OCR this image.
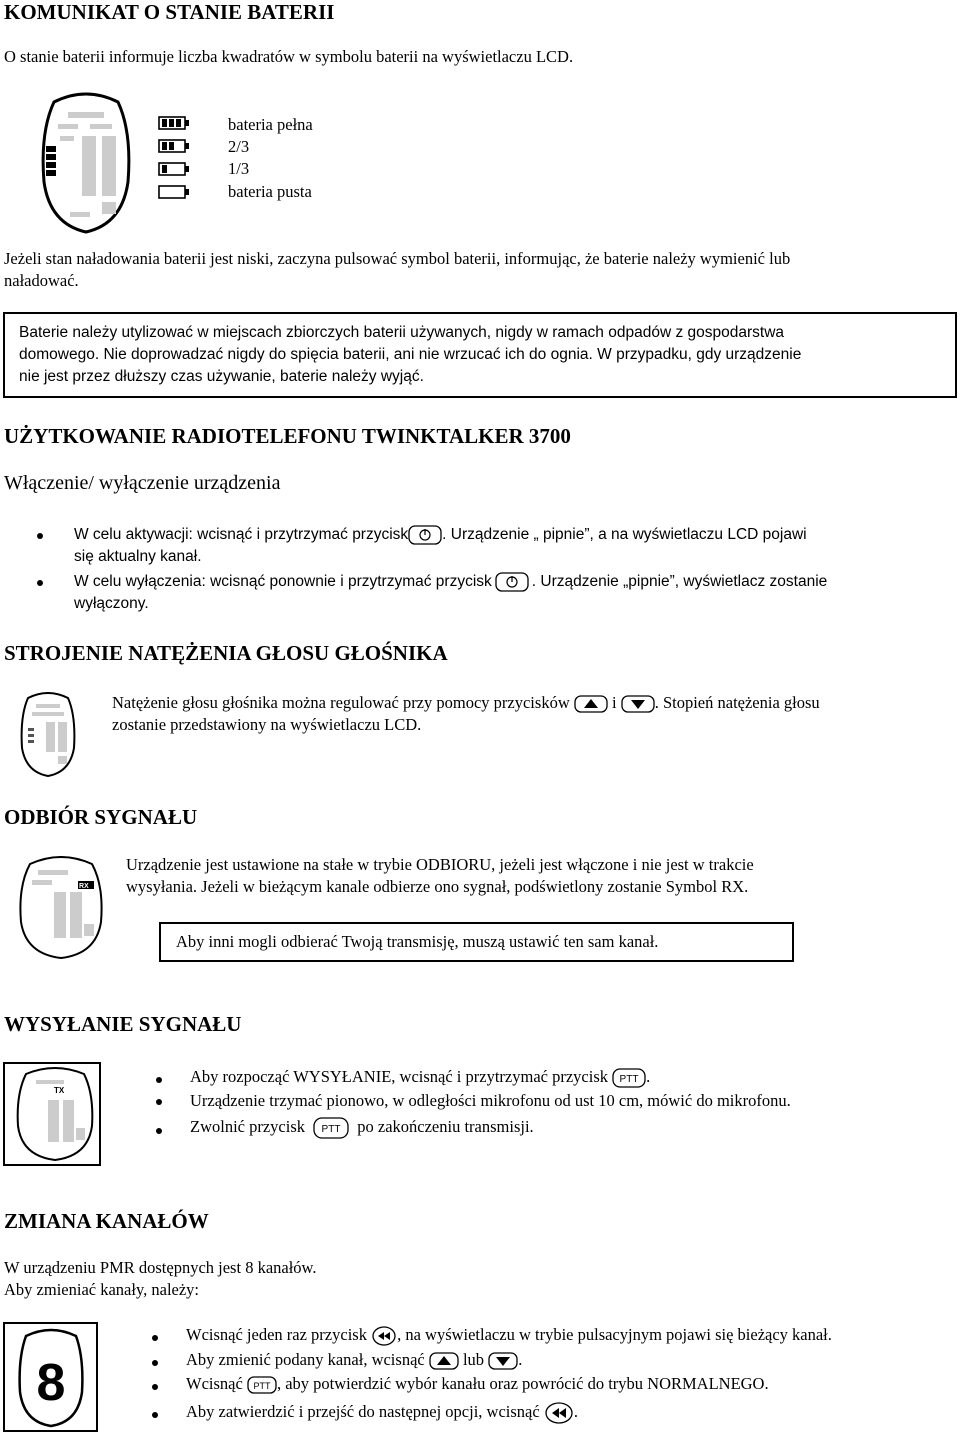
KOMUNIKAT O STANIE BATERII
O stanie baterii informuje liczba kwadratów w symbolu baterii na wyświetlaczu LCD.
bateria pełna
2/3
1/3
bateria pusta
Jeżeli stan naładowania baterii jest niski, zaczyna pulsować symbol baterii, informując, że baterie należy wymienić lub
naładować.
Baterie należy utylizować w miejscach zbiorczych baterii używanych, nigdy w ramach odpadów z gospodarstwa
domowego. Nie doprowadzać nigdy do spięcia baterii, ani nie wrzucać ich do ognia. W przypadku, gdy urządzenie
nie jest przez dłuższy czas używanie, baterie należy wyjąć.
UŻYTKOWANIE RADIOTELEFONU TWINKTALKER 3700
Włączenie/ wyłączenie urządzenia
W celu aktywacji: wcisnąć i przytrzymać przycisk . Urządzenie „ pipnie”, a na wyświetlaczu LCD pojawi
się aktualny kanał.
W celu wyłączenia: wcisnąć ponownie i przytrzymać przycisk	. Urządzenie „pipnie”, wyświetlacz zostanie
wyłączony.
STROJENIE NATĘŻENIA GŁOSU GŁOŚNIKA
Natężenie głosu głośnika można regulować przy pomocy przycisków	i . Stopień natężenia głosu
zostanie przedstawiony na wyświetlaczu LCD.
ODBIÓR SYGNAŁU
RX
Urządzenie jest ustawione na stałe w trybie ODBIORU, jeżeli jest włączone i nie jest w trakcie
wysyłania. Jeżeli w bieżącym kanale odbierze ono sygnał, podświetlony zostanie Symbol RX.
Aby inni mogli odbierać Twoją transmisję, muszą ustawić ten sam kanał.
WYSYŁANIE SYGNAŁU
TX
Aby rozpocząć WYSYŁANIE, wcisnąć i przytrzymać przycisk PTT .
Urządzenie trzymać pionowo, w odległości mikrofonu od ust 10 cm, mówić do mikrofonu.
Zwolnić przycisk PTT po zakończeniu transmisji.
ZMIANA KANAŁÓW
W urządzeniu PMR dostępnych jest 8 kanałów.
Aby zmieniać kanały, należy:
8
Wcisnąć jeden raz przycisk , na wyświetlaczu w trybie pulsacyjnym pojawi się bieżący kanał.
Aby zmienić podany kanał, wcisnąć lub .
Wcisnąć PTT , aby potwierdzić wybór kanału oraz powrócić do trybu NORMALNEGO.
Aby zatwierdzić i przejść do następnej opcji, wcisnąć .
